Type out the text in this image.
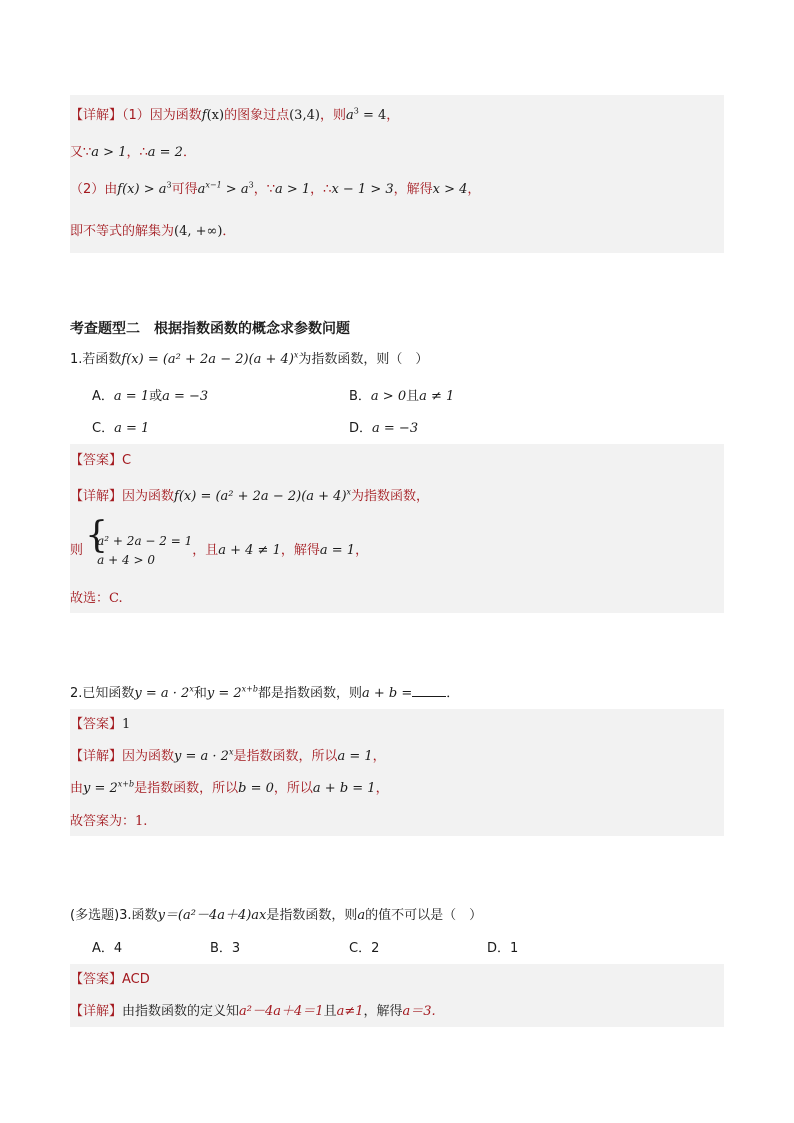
【详解】（1）因为函数f(x)的图象过点(3,4)，则$a^3 = 4$，
又∵a > 1，∴a = 2．
（2）由$f(x) > a^3$可得$a^{x-1} > a^3$，∵a > 1，∴x − 1 > 3，解得x > 4，
即不等式的解集为(4, +∞)．
考查题型二　根据指数函数的概念求参数问题
1.若函数$f(x) = (a^2 + 2a - 2)(a + 4)^x$为指数函数，则（　）
A．a = 1或a = −3	B．a > 0且a ≠ 1
C．a = 1	D．a = −3
【答案】C
【详解】因为函数$f(x) = (a^2 + 2a - 2)(a + 4)^x$为指数函数，
则
{ a² + 2a − 2 = 1
a + 4 > 0
，且a + 4 ≠ 1，解得a = 1，
故选：C.
2.已知函数$y = a \cdot 2^x$和$y = 2^{x+b}$都是指数函数，则a + b =	．
【答案】1
【详解】因为函数$y = a \cdot 2^x$是指数函数，所以a = 1，
由$y = 2^{x+b}$是指数函数，所以b = 0，所以a + b = 1，
故答案为：1.
(多选题)3.函数y＝(a²－4a＋4)ax是指数函数，则a的值不可以是（　）
A．4	B．3	C．2	D．1
【答案】ACD
【详解】由指数函数的定义知a²－4a＋4＝1且a≠1，解得a＝3.
